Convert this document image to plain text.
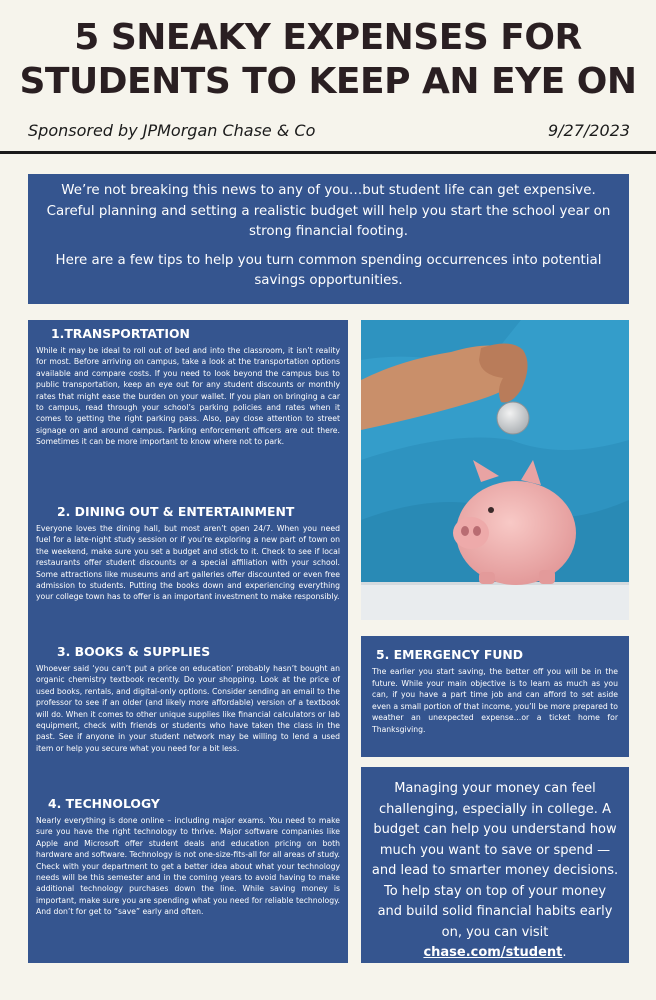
5 SNEAKY EXPENSES FOR
STUDENTS TO KEEP AN EYE ON
Sponsored by JPMorgan Chase & Co	9/27/2023

We’re not breaking this news to any of you…but student life can get expensive. Careful planning and setting a realistic budget will help you start the school year on strong financial footing.

Here are a few tips to help you turn common spending occurrences into potential savings opportunities.

1.TRANSPORTATION

While it may be ideal to roll out of bed and into the classroom, it isn’t reality for most. Before arriving on campus, take a look at the transportation options available and compare costs. If you need to look beyond the campus bus to public transportation, keep an eye out for any student discounts or monthly rates that might ease the burden on your wallet. If you plan on bringing a car to campus, read through your school’s parking policies and rates when it comes to getting the right parking pass. Also, pay close attention to street signage on and around campus. Parking enforcement officers are out there. Sometimes it can be more important to know where not to park.

2. DINING OUT & ENTERTAINMENT

Everyone loves the dining hall, but most aren’t open 24/7. When you need fuel for a late-night study session or if you’re exploring a new part of town on the weekend, make sure you set a budget and stick to it. Check to see if local restaurants offer student discounts or a special affiliation with your school. Some attractions like museums and art galleries offer discounted or even free admission to students. Putting the books down and experiencing everything your college town has to offer is an important investment to make responsibly.

3. BOOKS & SUPPLIES

Whoever said ‘you can’t put a price on education’ probably hasn’t bought an organic chemistry textbook recently. Do your shopping. Look at the price of used books, rentals, and digital-only options. Consider sending an email to the professor to see if an older (and likely more affordable) version of a textbook will do. When it comes to other unique supplies like financial calculators or lab equipment, check with friends or students who have taken the class in the past. See if anyone in your student network may be willing to lend a used item or help you secure what you need for a bit less.

4. TECHNOLOGY

Nearly everything is done online – including major exams. You need to make sure you have the right technology to thrive. Major software companies like Apple and Microsoft offer student deals and education pricing on both hardware and software. Technology is not one-size-fits-all for all areas of study. Check with your department to get a better idea about what your technology needs will be this semester and in the coming years to avoid having to make additional technology purchases down the line. While saving money is important, make sure you are spending what you need for reliable technology. And don’t for get to “save” early and often.

5. EMERGENCY FUND

The earlier you start saving, the better off you will be in the future. While your main objective is to learn as much as you can, if you have a part time job and can afford to set aside even a small portion of that income, you’ll be more prepared to weather an unexpected expense…or a ticket home for Thanksgiving.

Managing your money can feel challenging, especially in college. A budget can help you understand how much you want to save or spend — and lead to smarter money decisions. To help stay on top of your money and build solid financial habits early on, you can visit chase.com/student.
